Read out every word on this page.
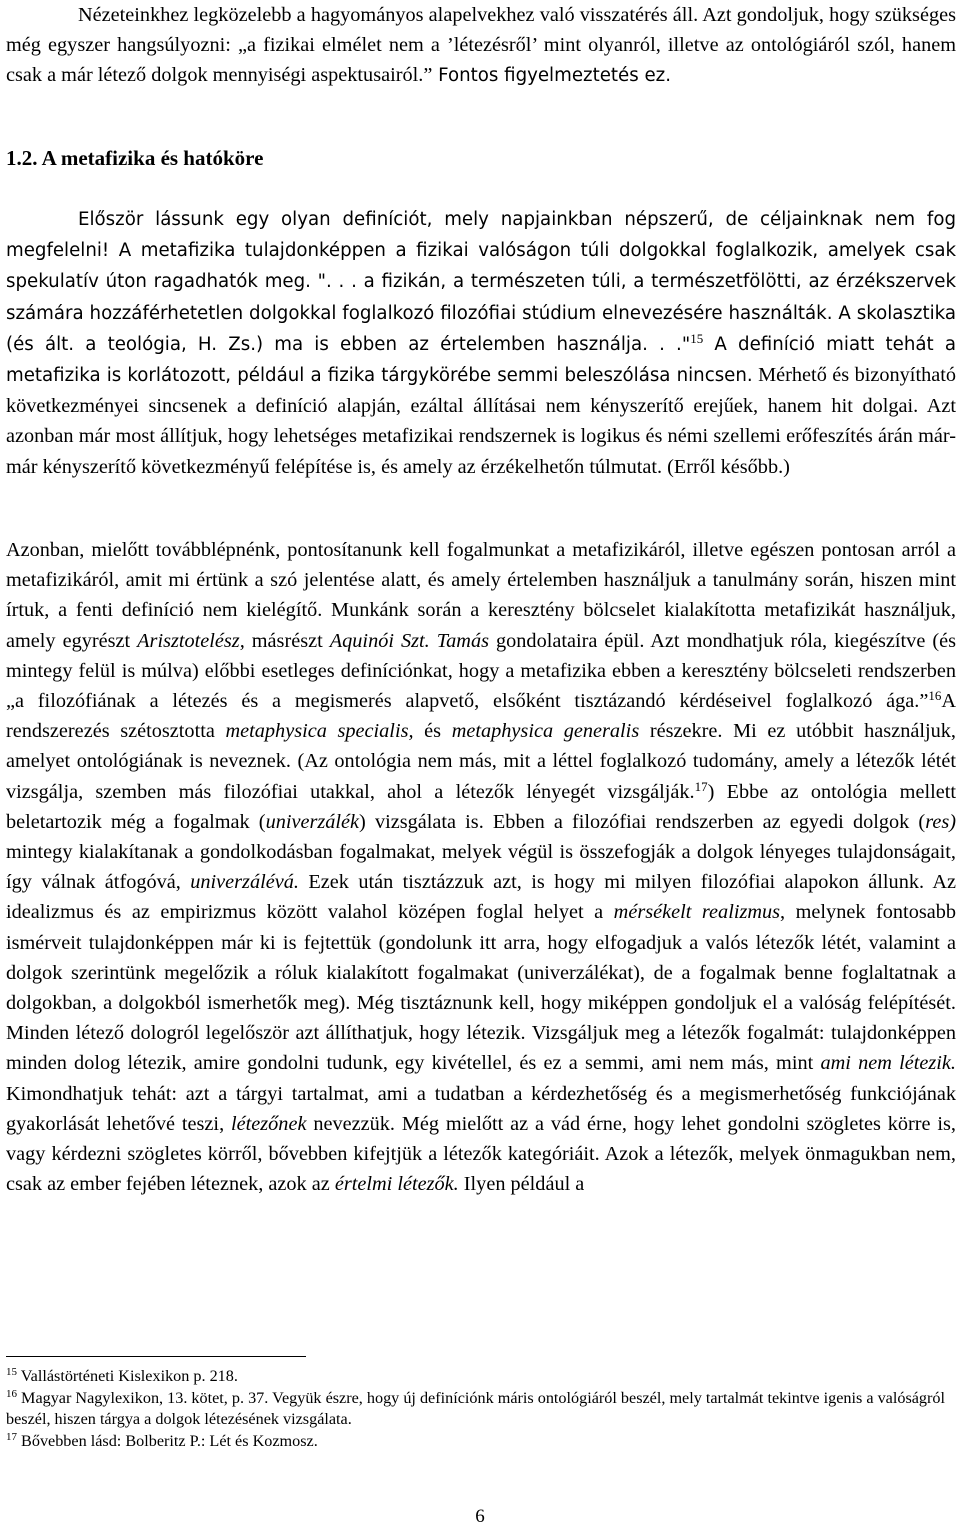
Nézeteinkhez legközelebb a hagyományos alapelvekhez való visszatérés áll. Azt gondoljuk, hogy szükséges még egyszer hangsúlyozni: „a fizikai elmélet nem a ’létezésről’ mint olyanról, illetve az ontológiáról szól, hanem csak a már létező dolgok mennyiségi aspektusairól.” Fontos figyelmeztetés ez.

1.2. A metafizika és hatóköre

Először lássunk egy olyan definíciót, mely napjainkban népszerű, de céljainknak nem fog megfelelni! A metafizika tulajdonképpen a fizikai valóságon túli dolgokkal foglalkozik, amelyek csak spekulatív úton ragadhatók meg. ". . . a fizikán, a természeten túli, a természetfölötti, az érzékszervek számára hozzáférhetetlen dolgokkal foglalkozó filozófiai stúdium elnevezésére használták. A skolasztika (és ált. a teológia, H. Zs.) ma is ebben az értelemben használja. . ."$^{15}$ A definíció miatt tehát a metafizika is korlátozott, például a fizika tárgykörébe semmi beleszólása nincsen. Mérhető és bizonyítható következményei sincsenek a definíció alapján, ezáltal állításai nem kényszerítő erejűek, hanem hit dolgai. Azt azonban már most állítjuk, hogy lehetséges metafizikai rendszernek is logikus és némi szellemi erőfeszítés árán már-már kényszerítő következményű felépítése is, és amely az érzékelhetőn túlmutat. (Erről később.)

Azonban, mielőtt továbblépnénk, pontosítanunk kell fogalmunkat a metafizikáról, illetve egészen pontosan arról a metafizikáról, amit mi értünk a szó jelentése alatt, és amely értelemben használjuk a tanulmány során, hiszen mint írtuk, a fenti definíció nem kielégítő. Munkánk során a keresztény bölcselet kialakította metafizikát használjuk, amely egyrészt Arisztotelész, másrészt Aquinói Szt. Tamás gondolataira épül. Azt mondhatjuk róla, kiegészítve (és mintegy felül is múlva) előbbi esetleges definíciónkat, hogy a metafizika ebben a keresztény bölcseleti rendszerben „a filozófiának a létezés és a megismerés alapvető, elsőként tisztázandó kérdéseivel foglalkozó ága.”$^{16}$A rendszerezés szétosztotta metaphysica specialis, és metaphysica generalis részekre. Mi ez utóbbit használjuk, amelyet ontológiának is neveznek. (Az ontológia nem más, mit a léttel foglalkozó tudomány, amely a létezők létét vizsgálja, szemben más filozófiai utakkal, ahol a létezők lényegét vizsgálják.$^{17}$) Ebbe az ontológia mellett beletartozik még a fogalmak (univerzálék) vizsgálata is. Ebben a filozófiai rendszerben az egyedi dolgok (res) mintegy kialakítanak a gondolkodásban fogalmakat, melyek végül is összefogják a dolgok lényeges tulajdonságait, így válnak átfogóvá, univerzálévá. Ezek után tisztázzuk azt, is hogy mi milyen filozófiai alapokon állunk. Az idealizmus és az empirizmus között valahol középen foglal helyet a mérsékelt realizmus, melynek fontosabb ismérveit tulajdonképpen már ki is fejtettük (gondolunk itt arra, hogy elfogadjuk a valós létezők létét, valamint a dolgok szerintünk megelőzik a róluk kialakított fogalmakat (univerzálékat), de a fogalmak benne foglaltatnak a dolgokban, a dolgokból ismerhetők meg). Még tisztáznunk kell, hogy miképpen gondoljuk el a valóság felépítését. Minden létező dologról legelőször azt állíthatjuk, hogy létezik. Vizsgáljuk meg a létezők fogalmát: tulajdonképpen minden dolog létezik, amire gondolni tudunk, egy kivétellel, és ez a semmi, ami nem más, mint ami nem létezik. Kimondhatjuk tehát: azt a tárgyi tartalmat, ami a tudatban a kérdezhetőség és a megismerhetőség funkciójának gyakorlását lehetővé teszi, létezőnek nevezzük. Még mielőtt az a vád érne, hogy lehet gondolni szögletes körre is, vagy kérdezni szögletes körről, bővebben kifejtjük a létezők kategóriáit. Azok a létezők, melyek önmagukban nem, csak az ember fejében léteznek, azok az értelmi létezők. Ilyen például a

$^{15}$ Vallástörténeti Kislexikon p. 218.

$^{16}$ Magyar Nagylexikon, 13. kötet, p. 37. Vegyük észre, hogy új definíciónk máris ontológiáról beszél, mely tartalmát tekintve igenis a valóságról beszél, hiszen tárgya a dolgok létezésének vizsgálata.

$^{17}$ Bővebben lásd: Bolberitz P.: Lét és Kozmosz.

6
